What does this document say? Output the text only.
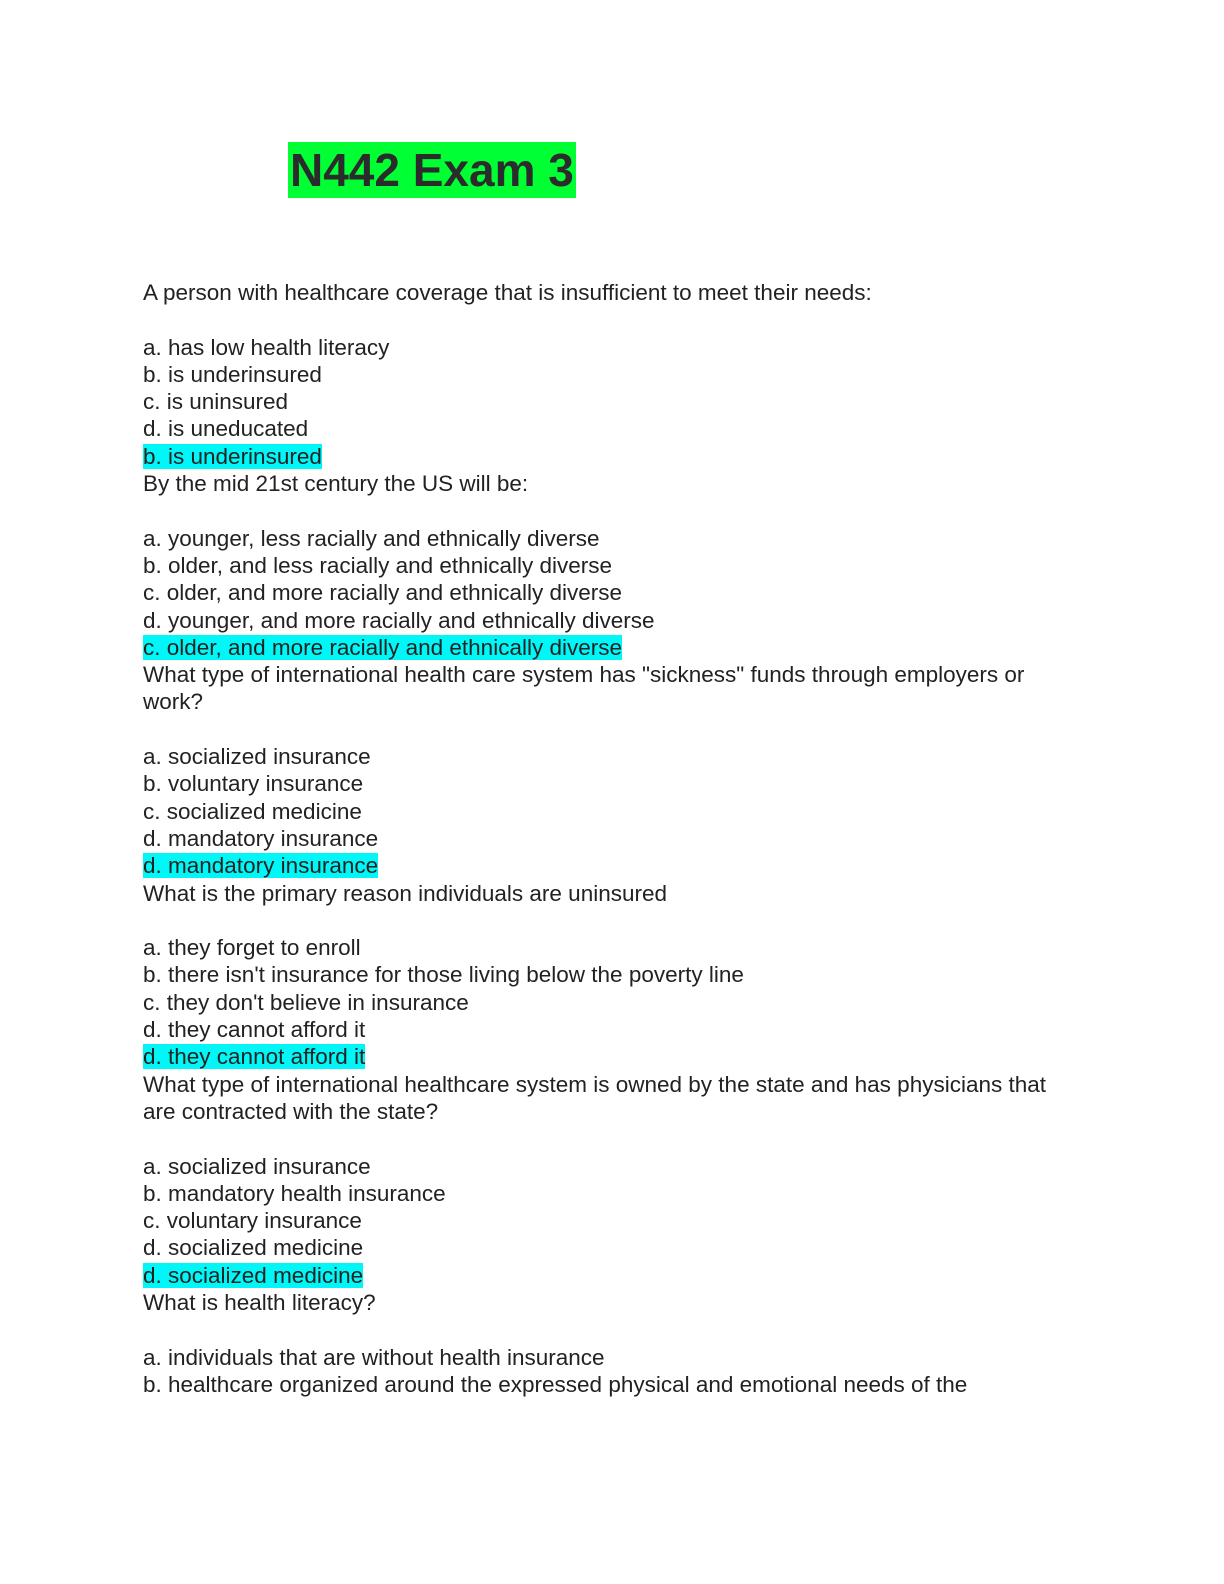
N442 Exam 3
A person with healthcare coverage that is insufficient to meet their needs:
a. has low health literacy
b. is underinsured
c. is uninsured
d. is uneducated
b. is underinsured
By the mid 21st century the US will be:
a. younger, less racially and ethnically diverse
b. older, and less racially and ethnically diverse
c. older, and more racially and ethnically diverse
d. younger, and more racially and ethnically diverse
c. older, and more racially and ethnically diverse
What type of international health care system has "sickness" funds through employers or work?
a. socialized insurance
b. voluntary insurance
c. socialized medicine
d. mandatory insurance
d. mandatory insurance
What is the primary reason individuals are uninsured
a. they forget to enroll
b. there isn't insurance for those living below the poverty line
c. they don't believe in insurance
d. they cannot afford it
d. they cannot afford it
What type of international healthcare system is owned by the state and has physicians that are contracted with the state?
a. socialized insurance
b. mandatory health insurance
c. voluntary insurance
d. socialized medicine
d. socialized medicine
What is health literacy?
a. individuals that are without health insurance
b. healthcare organized around the expressed physical and emotional needs of the
